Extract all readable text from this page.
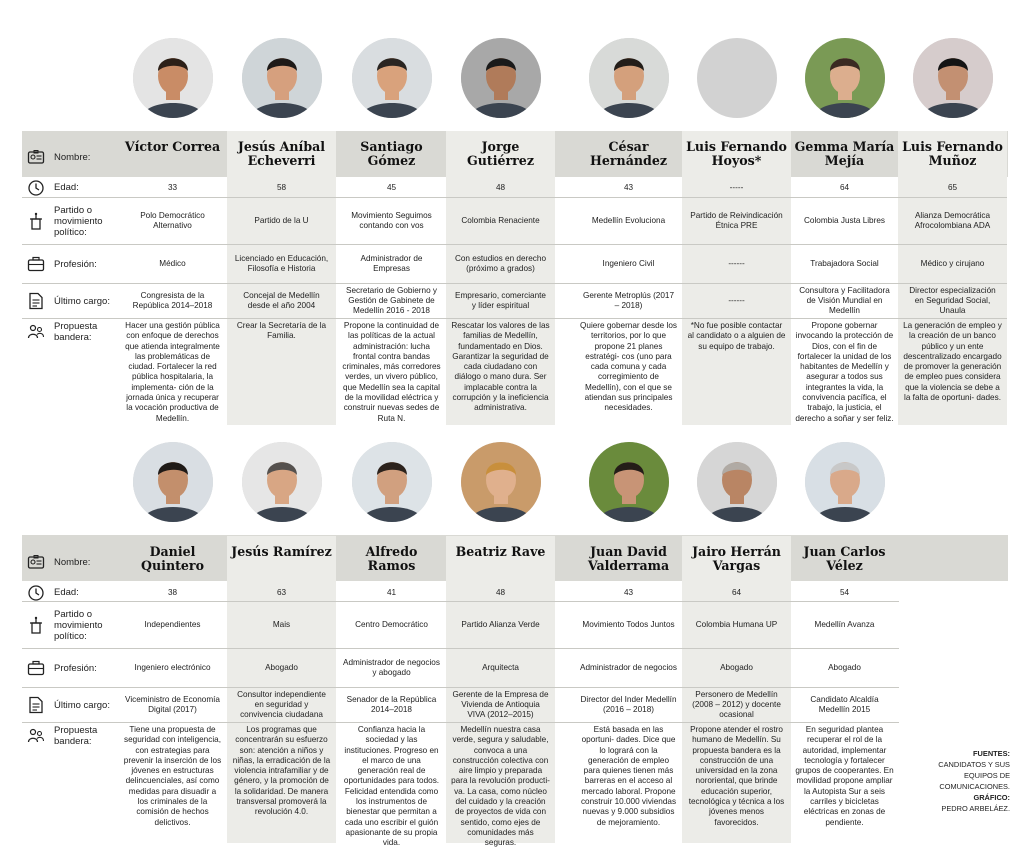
Nombre:
Edad:
Partido o movimiento político:
Profesión:
Último cargo:
Propuesta bandera:
Víctor Correa
33
Polo Democrático Alternativo
Médico
Congresista de la República 2014–2018
Hacer una gestión pública con enfoque de derechos que atienda integralmente las problemáticas de ciudad. Fortalecer la red pública hospitalaria, la implementa- ción de la jornada única y recuperar la vocación productiva de Medellín.
Jesús Aníbal Echeverri
58
Partido de la U
Licenciado en Educación, Filosofía e Historia
Concejal de Medellín desde el año 2004
Crear la Secretaría de la Familia.
Santiago Gómez
45
Movimiento Seguimos contando con vos
Administrador de Empresas
Secretario de Gobierno y Gestión de Gabinete de Medellín 2016 - 2018
Propone la continuidad de las políticas de la actual administración: lucha frontal contra bandas criminales, más corredores verdes, un vivero público, que Medellín sea la capital de la movilidad eléctrica y construir nuevas sedes de Ruta N.
Jorge Gutiérrez
48
Colombia Renaciente
Con estudios en derecho (próximo a grados)
Empresario, comerciante y líder espiritual
Rescatar los valores de las familias de Medellín, fundamentado en Dios. Garantizar la seguridad de cada ciudadano con diálogo o mano dura. Ser implacable contra la corrupción y la ineficiencia administrativa.
César Hernández
43
Medellín Evoluciona
Ingeniero Civil
Gerente Metroplús (2017 – 2018)
Quiere gobernar desde los territorios, por lo que propone 21 planes estratégi- cos (uno para cada comuna y cada corregimiento de Medellín), con el que se atiendan sus principales necesidades.
Luis Fernando Hoyos*
-----
Partido de Reivindicación Étnica PRE
------
------
*No fue posible contactar al candidato o a alguien de su equipo de trabajo.
Gemma María Mejía
64
Colombia Justa Libres
Trabajadora Social
Consultora y Facilitadora de Visión Mundial en Medellín
Propone gobernar invocando la protección de Dios, con el fin de fortalecer la unidad de los habitantes de Medellín y asegurar a todos sus integrantes la vida, la convivencia pacífica, el trabajo, la justicia, el derecho a soñar y ser feliz.
Luis Fernando Muñoz
65
Alianza Democrática Afrocolombiana ADA
Médico y cirujano
Director especialización en Seguridad Social, Unaula
La generación de empleo y la creación de un banco público y un ente descentralizado encargado de promover la generación de empleo pues considera que la violencia se debe a la falta de oportuni- dades.
Nombre:
Edad:
Partido o movimiento político:
Profesión:
Último cargo:
Propuesta bandera:
Daniel Quintero
38
Independientes
Ingeniero electrónico
Viceministro de Economía Digital (2017)
Tiene una propuesta de seguridad con inteligencia, con estrategias para prevenir la inserción de los jóvenes en estructuras delincuenciales, así como medidas para disuadir a los criminales de la comisión de hechos delictivos.
Jesús Ramírez
63
Mais
Abogado
Consultor independiente en seguridad y convivencia ciudadana
Los programas que concentrarán su esfuerzo son: atención a niños y niñas, la erradicación de la violencia intrafamiliar y de género, y la promoción de la solidaridad. De manera transversal promoverá la revolución 4.0.
Alfredo Ramos
41
Centro Democrático
Administrador de negocios y abogado
Senador de la República 2014–2018
Confianza hacia la sociedad y las instituciones. Progreso en el marco de una generación real de oportunidades para todos. Felicidad entendida como los instrumentos de bienestar que permitan a cada uno escribir el guión apasionante de su propia vida.
Beatriz Rave
48
Partido Alianza Verde
Arquitecta
Gerente de la Empresa de Vivienda de Antioquia VIVA (2012–2015)
Medellín nuestra casa verde, segura y saludable, convoca a una construcción colectiva con aire limpio y preparada para la revolución producti- va. La casa, como núcleo del cuidado y la creación de proyectos de vida con sentido, como ejes de comunidades más seguras.
Juan David Valderrama
43
Movimiento Todos Juntos
Administrador de negocios
Director del Inder Medellín (2016 – 2018)
Está basada en las oportuni- dades. Dice que lo logrará con la generación de empleo para quienes tienen más barreras en el acceso al mercado laboral. Propone construir 10.000 viviendas nuevas y 9.000 subsidios de mejoramiento.
Jairo Herrán Vargas
64
Colombia Humana UP
Abogado
Personero de Medellín (2008 – 2012) y docente ocasional
Propone atender el rostro humano de Medellín. Su propuesta bandera es la construcción de una universidad en la zona nororiental, que brinde educación superior, tecnológica y técnica a los jóvenes menos favorecidos.
Juan Carlos Vélez
54
Medellín Avanza
Abogado
Candidato Alcaldía Medellín 2015
En seguridad plantea recuperar el rol de la autoridad, implementar tecnología y fortalecer grupos de cooperantes. En movilidad propone ampliar la Autopista Sur a seis carriles y bicicletas eléctricas en zonas de pendiente.
FUENTES:
CANDIDATOS Y SUS
EQUIPOS DE
COMUNICACIONES.
GRÁFICO:
PEDRO ARBELÁEZ.
